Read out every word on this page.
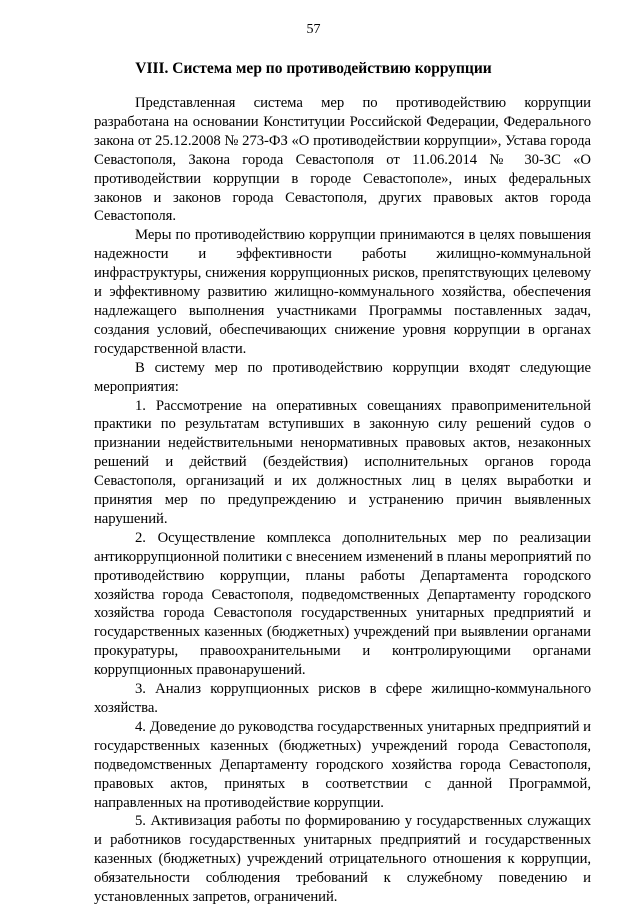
57
VIII. Система мер по противодействию коррупции

Представленная система мер по противодействию коррупции разработана на основании Конституции Российской Федерации, Федерального закона от 25.12.2008 № 273-ФЗ «О противодействии коррупции», Устава города Севастополя, Закона города Севастополя от 11.06.2014 № 30-ЗС «О противодействии коррупции в городе Севастополе», иных федеральных законов и законов города Севастополя, других правовых актов города Севастополя.

Меры по противодействию коррупции принимаются в целях повышения надежности и эффективности работы жилищно-коммунальной инфраструктуры, снижения коррупционных рисков, препятствующих целевому и эффективному развитию жилищно-коммунального хозяйства, обеспечения надлежащего выполнения участниками Программы поставленных задач, создания условий, обеспечивающих снижение уровня коррупции в органах государственной власти.

В систему мер по противодействию коррупции входят следующие мероприятия:

1. Рассмотрение на оперативных совещаниях правоприменительной практики по результатам вступивших в законную силу решений судов о признании недействительными ненормативных правовых актов, незаконных решений и действий (бездействия) исполнительных органов города Севастополя, организаций и их должностных лиц в целях выработки и принятия мер по предупреждению и устранению причин выявленных нарушений.

2. Осуществление комплекса дополнительных мер по реализации антикоррупционной политики с внесением изменений в планы мероприятий по противодействию коррупции, планы работы Департамента городского хозяйства города Севастополя, подведомственных Департаменту городского хозяйства города Севастополя государственных унитарных предприятий и государственных казенных (бюджетных) учреждений при выявлении органами прокуратуры, правоохранительными и контролирующими органами коррупционных правонарушений.

3. Анализ коррупционных рисков в сфере жилищно-коммунального хозяйства.

4. Доведение до руководства государственных унитарных предприятий и государственных казенных (бюджетных) учреждений города Севастополя, подведомственных Департаменту городского хозяйства города Севастополя, правовых актов, принятых в соответствии с данной Программой, направленных на противодействие коррупции.

5. Активизация работы по формированию у государственных служащих и работников государственных унитарных предприятий и государственных казенных (бюджетных) учреждений отрицательного отношения к коррупции, обязательности соблюдения требований к служебному поведению и установленных запретов, ограничений.
